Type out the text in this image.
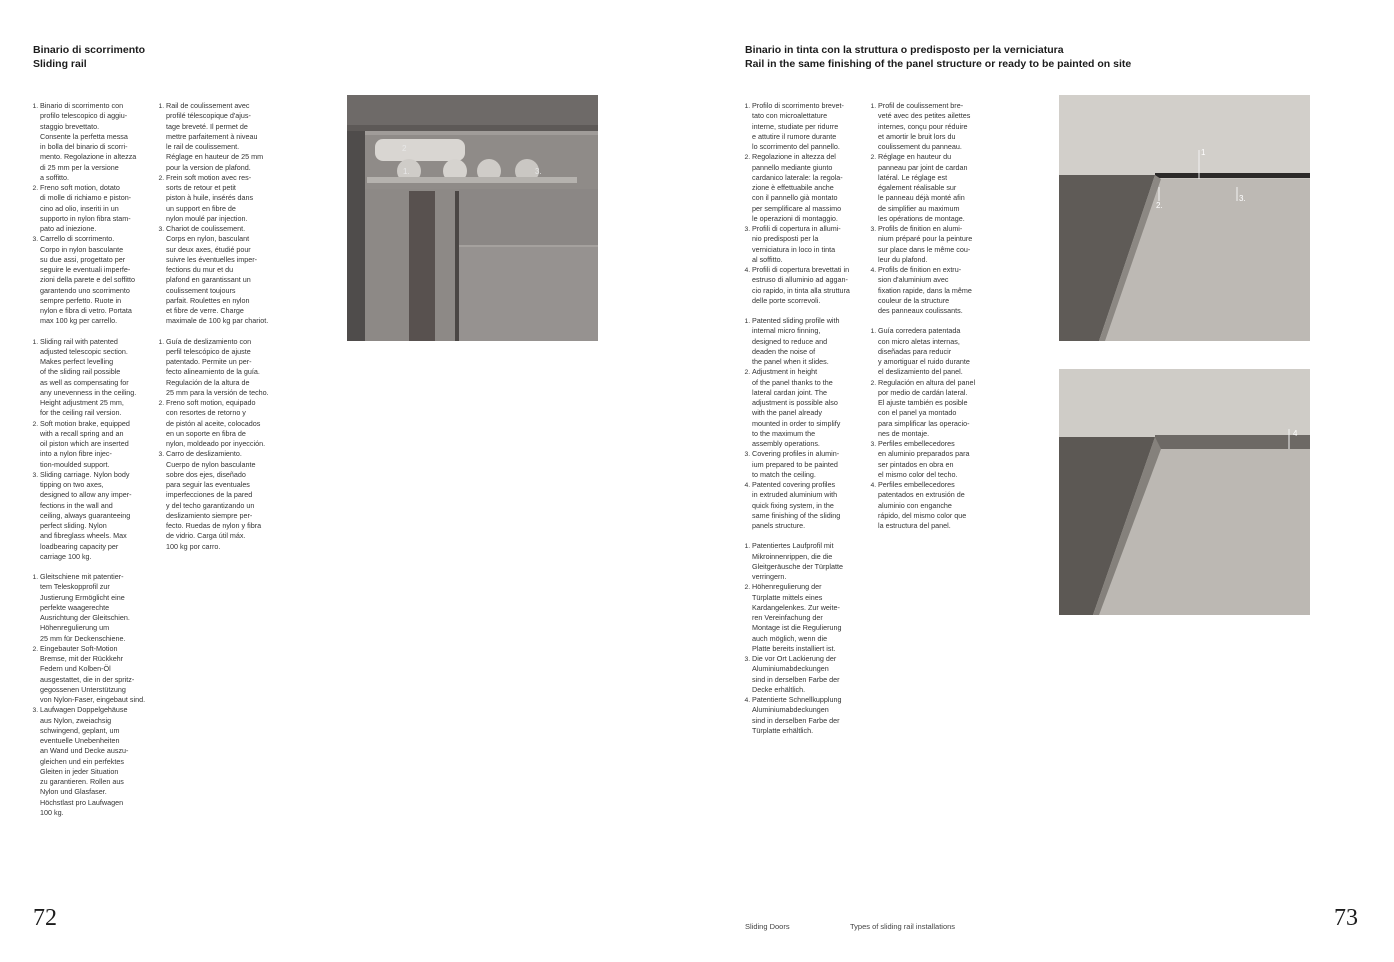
Binario di scorrimento

Sliding rail

1. Binario di scorrimento con
profilo telescopico di aggiu-
staggio brevettato.
Consente la perfetta messa
in bolla del binario di scorri-
mento. Regolazione in altezza
di 25 mm per la versione
a soffitto.
2. Freno soft motion, dotato
di molle di richiamo e piston-
cino ad olio, inseriti in un
supporto in nylon fibra stam-
pato ad iniezione.
3. Carrello di scorrimento.
Corpo in nylon basculante
su due assi, progettato per
seguire le eventuali imperfe-
zioni della parete e del soffitto
garantendo uno scorrimento
sempre perfetto. Ruote in
nylon e fibra di vetro. Portata
max 100 kg per carrello.
1. Sliding rail with patented
adjusted telescopic section.
Makes perfect levelling
of the sliding rail possible
as well as compensating for
any unevenness in the ceiling.
Height adjustment 25 mm,
for the ceiling rail version.
2. Soft motion brake, equipped
with a recall spring and an
oil piston which are inserted
into a nylon fibre injec-
tion-moulded support.
3. Sliding carriage. Nylon body
tipping on two axes,
designed to allow any imper-
fections in the wall and
ceiling, always guaranteeing
perfect sliding. Nylon
and fibreglass wheels. Max
loadbearing capacity per
carriage 100 kg.
1. Gleitschiene mit patentier-
tem Teleskopprofil zur
Justierung Ermöglicht eine
perfekte waagerechte
Ausrichtung der Gleitschien.
Höhenregulierung um
25 mm für Deckenschiene.
2. Eingebauter Soft-Motion
Bremse, mit der Rückkehr
Federn und Kolben-Öl
ausgestattet, die in der spritz-
gegossenen Unterstützung
von Nylon-Faser, eingebaut sind.
3. Laufwagen Doppelgehäuse
aus Nylon, zweiachsig
schwingend, geplant, um
eventuelle Unebenheiten
an Wand und Decke auszu-
gleichen und ein perfektes
Gleiten in jeder Situation
zu garantieren. Rollen aus
Nylon und Glasfaser.
Höchstlast pro Laufwagen
100 kg.
1. Rail de coulissement avec
profilé télescopique d'ajus-
tage breveté. Il permet de
mettre parfaitement à niveau
le rail de coulissement.
Réglage en hauteur de 25 mm
pour la version de plafond.
2. Frein soft motion avec res-
sorts de retour et petit
piston à huile, insérés dans
un support en fibre de
nylon moulé par injection.
3. Chariot de coulissement.
Corps en nylon, basculant
sur deux axes, étudié pour
suivre les éventuelles imper-
fections du mur et du
plafond en garantissant un
coulissement toujours
parfait. Roulettes en nylon
et fibre de verre. Charge
maximale de 100 kg par chariot.
1. Guía de deslizamiento con
perfil telescópico de ajuste
patentado. Permite un per-
fecto alineamiento de la guía.
Regulación de la altura de
25 mm para la versión de techo.
2. Freno soft motion, equipado
con resortes de retorno y
de pistón al aceite, colocados
en un soporte en fibra de
nylon, moldeado por inyección.
3. Carro de deslizamiento.
Cuerpo de nylon basculante
sobre dos ejes, diseñado
para seguir las eventuales
imperfecciones de la pared
y del techo garantizando un
deslizamiento siempre per-
fecto. Ruedas de nylon y fibra
de vidrio. Carga útil máx.
100 kg por carro.
2
1.	3.
72

Binario in tinta con la struttura o predisposto per la verniciatura

Rail in the same finishing of the panel structure or ready to be painted on site

1. Profilo di scorrimento brevet-
tato con microalettature
interne, studiate per ridurre
e attutire il rumore durante
lo scorrimento del pannello.
2. Regolazione in altezza del
pannello mediante giunto
cardanico laterale: la regola-
zione è effettuabile anche
con il pannello già montato
per semplificare al massimo
le operazioni di montaggio.
3. Profili di copertura in allumi-
nio predisposti per la
verniciatura in loco in tinta
al soffitto.
4. Profili di copertura brevettati in
estruso di alluminio ad aggan-
cio rapido, in tinta alla struttura
delle porte scorrevoli.
1. Patented sliding profile with
internal micro finning,
designed to reduce and
deaden the noise of
the panel when it slides.
2. Adjustment in height
of the panel thanks to the
lateral cardan joint. The
adjustment is possible also
with the panel already
mounted in order to simplify
to the maximum the
assembly operations.
3. Covering profiles in alumin-
ium prepared to be painted
to match the ceiling.
4. Patented covering profiles
in extruded aluminium with
quick fixing system, in the
same finishing of the sliding
panels structure.
1. Patentiertes Laufprofil mit
Mikroinnenrippen, die die
Gleitgeräusche der Türplatte
verringern.
2. Höhenregulierung der
Türplatte mittels eines
Kardangelenkes. Zur weite-
ren Vereinfachung der
Montage ist die Regulierung
auch möglich, wenn die
Platte bereits installiert ist.
3. Die vor Ort Lackierung der
Aluminiumabdeckungen
sind in derselben Farbe der
Decke erhältlich.
4. Patentierte Schnellkupplung
Aluminiumabdeckungen
sind in derselben Farbe der
Türplatte erhältlich.
1. Profil de coulissement bre-
veté avec des petites ailettes
internes, conçu pour réduire
et amortir le bruit lors du
coulissement du panneau.
2. Réglage en hauteur du
panneau par joint de cardan
latéral. Le réglage est
également réalisable sur
le panneau déjà monté afin
de simplifier au maximum
les opérations de montage.
3. Profils de finition en alumi-
nium préparé pour la peinture
sur place dans le même cou-
leur du plafond.
4. Profils de finition en extru-
sion d'aluminium avec
fixation rapide, dans la même
couleur de la structure
des panneaux coulissants.
1. Guía corredera patentada
con micro aletas internas,
diseñadas para reducir
y amortiguar el ruido durante
el deslizamiento del panel.
2. Regulación en altura del panel
por medio de cardán lateral.
El ajuste también es posible
con el panel ya montado
para simplificar las operacio-
nes de montaje.
3. Perfiles embellecedores
en aluminio preparados para
ser pintados en obra en
el mismo color del techo.
4. Perfiles embellecedores
patentados en extrusión de
aluminio con enganche
rápido, del mismo color que
la estructura del panel.
1
2.
3.
4
Sliding Doors	Types of sliding rail installations	73
